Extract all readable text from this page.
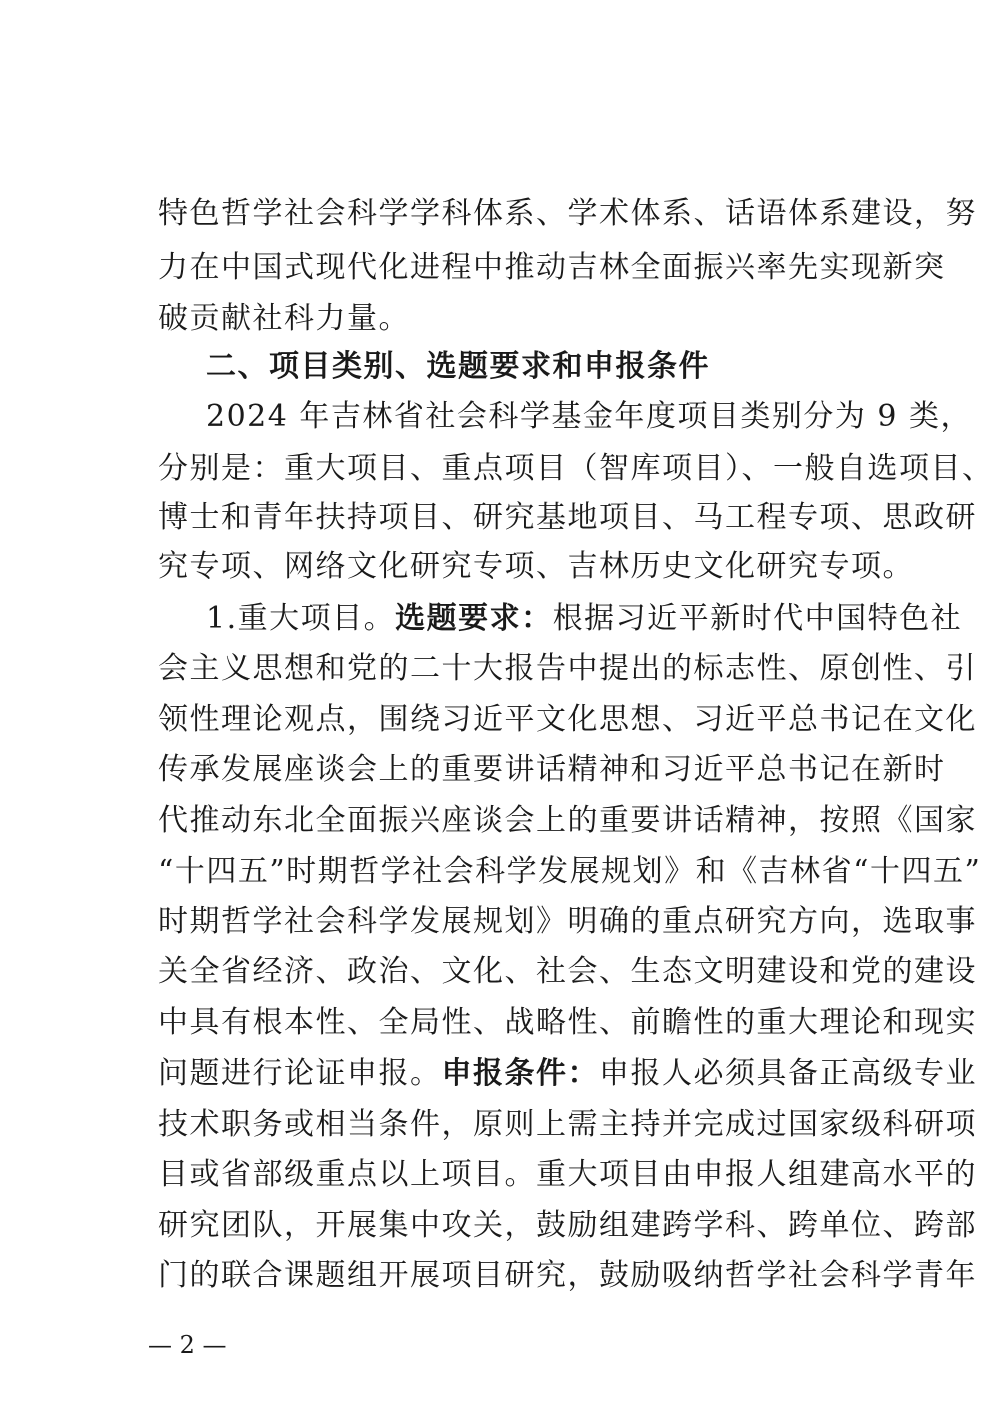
特色哲学社会科学学科体系、学术体系、话语体系建设，努
力在中国式现代化进程中推动吉林全面振兴率先实现新突
破贡献社科力量。
二、项目类别、选题要求和申报条件
2024 年吉林省社会科学基金年度项目类别分为 9 类，
分别是：重大项目、重点项目（智库项目）、一般自选项目、
博士和青年扶持项目、研究基地项目、马工程专项、思政研
究专项、网络文化研究专项、吉林历史文化研究专项。
1.重大项目。选题要求：根据习近平新时代中国特色社
会主义思想和党的二十大报告中提出的标志性、原创性、引
领性理论观点，围绕习近平文化思想、习近平总书记在文化
传承发展座谈会上的重要讲话精神和习近平总书记在新时
代推动东北全面振兴座谈会上的重要讲话精神，按照《国家
“十四五”时期哲学社会科学发展规划》和《吉林省“十四五”
时期哲学社会科学发展规划》明确的重点研究方向，选取事
关全省经济、政治、文化、社会、生态文明建设和党的建设
中具有根本性、全局性、战略性、前瞻性的重大理论和现实
问题进行论证申报。申报条件：申报人必须具备正高级专业
技术职务或相当条件，原则上需主持并完成过国家级科研项
目或省部级重点以上项目。重大项目由申报人组建高水平的
研究团队，开展集中攻关，鼓励组建跨学科、跨单位、跨部
门的联合课题组开展项目研究，鼓励吸纳哲学社会科学青年
— 2 —
